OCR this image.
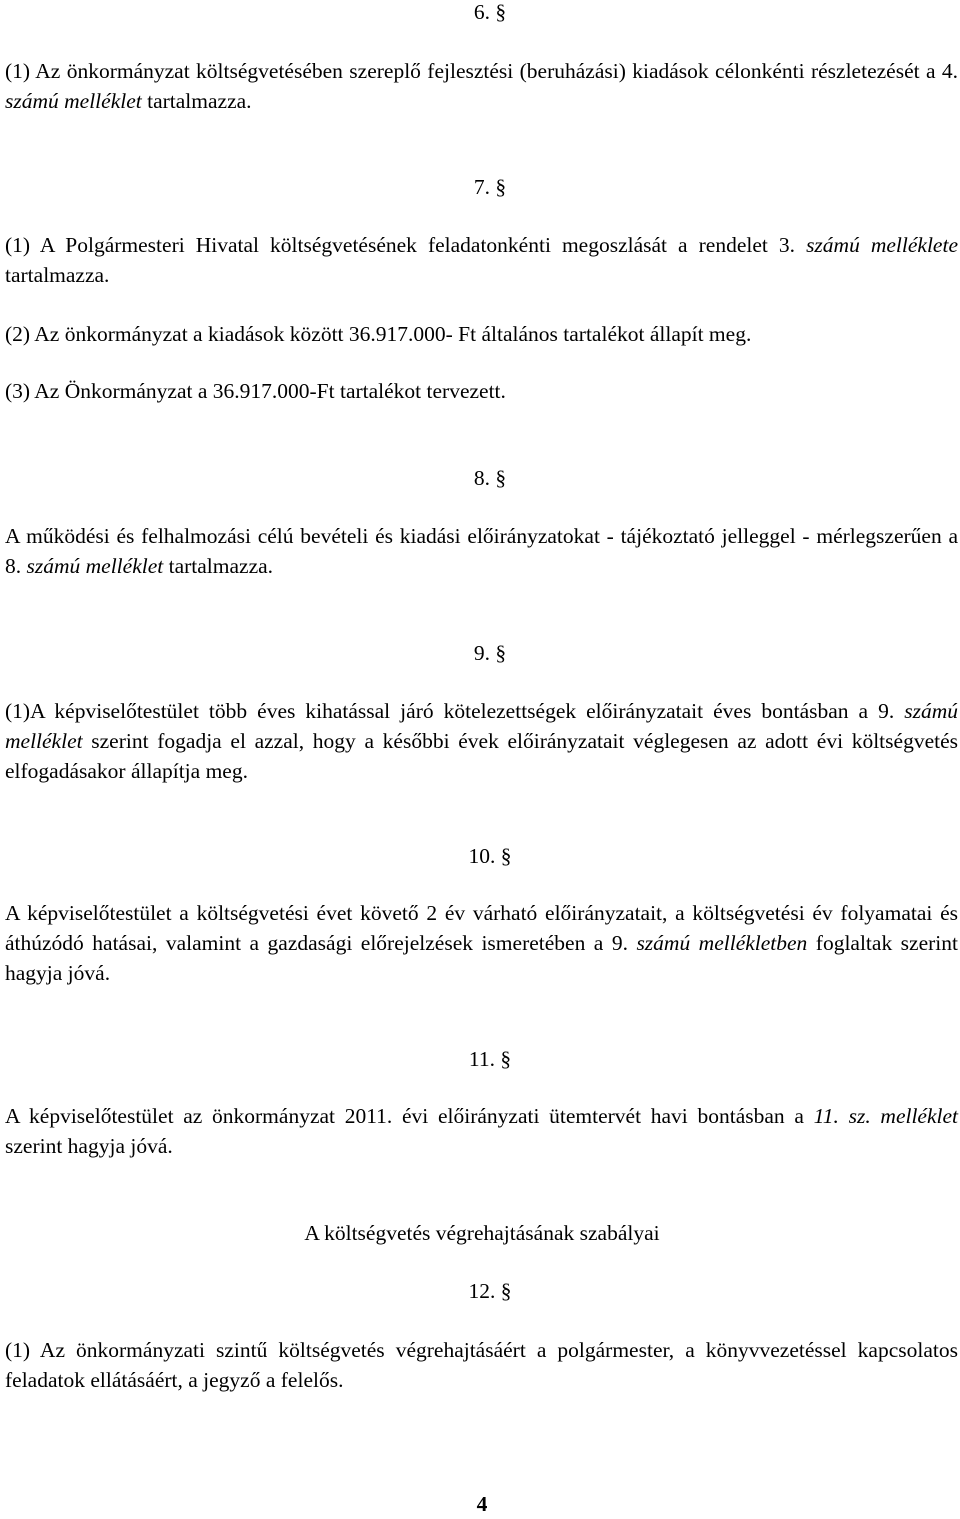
6. §

(1) Az önkormányzat költségvetésében szereplő fejlesztési (beruházási) kiadások célonkénti részletezését a 4. számú melléklet tartalmazza.

7. §

(1) A Polgármesteri Hivatal költségvetésének feladatonkénti megoszlását a rendelet 3. számú melléklete tartalmazza.

(2) Az önkormányzat a kiadások között 36.917.000- Ft általános tartalékot állapít meg.

(3) Az Önkormányzat a 36.917.000-Ft tartalékot tervezett.

8. §

A működési és felhalmozási célú bevételi és kiadási előirányzatokat - tájékoztató jelleggel - mérlegszerűen a 8. számú melléklet tartalmazza.

9. §

(1)A képviselőtestület több éves kihatással járó kötelezettségek előirányzatait éves bontásban a 9. számú melléklet szerint fogadja el azzal, hogy a későbbi évek előirányzatait véglegesen az adott évi költségvetés elfogadásakor állapítja meg.

10. §

A képviselőtestület a költségvetési évet követő 2 év várható előirányzatait, a költségvetési év folyamatai és áthúzódó hatásai, valamint a gazdasági előrejelzések ismeretében a 9. számú mellékletben foglaltak szerint hagyja jóvá.

11. §

A képviselőtestület az önkormányzat 2011. évi előirányzati ütemtervét havi bontásban a 11. sz. melléklet szerint hagyja jóvá.

A költségvetés végrehajtásának szabályai
12. §

(1) Az önkormányzati szintű költségvetés végrehajtásáért a polgármester, a könyvvezetéssel kapcsolatos feladatok ellátásáért, a jegyző a felelős.

4
